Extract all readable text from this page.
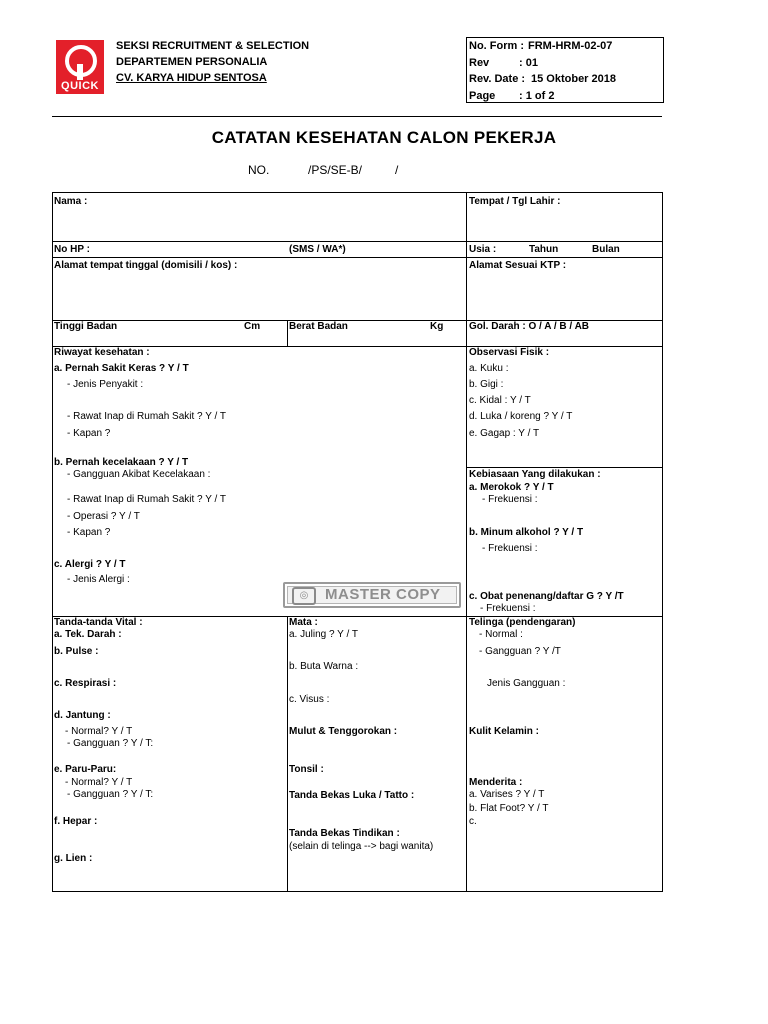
QUICK
SEKSI RECRUITMENT & SELECTION
DEPARTEMEN PERSONALIA
CV. KARYA HIDUP SENTOSA
No. Form : FRM-HRM-02-07
Rev	: 01
Rev. Date : 15 Oktober 2018
Page : 1 of 2
CATATAN KESEHATAN CALON PEKERJA
NO.	/PS/SE-B/	/
Nama :	Tempat / Tgl Lahir :
No HP :	(SMS / WA*)	Usia :	Tahun	Bulan
Alamat tempat tinggal (domisili / kos) :	Alamat Sesuai KTP :
Tinggi Badan	Cm	Berat Badan	Kg	Gol. Darah : O / A / B / AB
Riwayat kesehatan :
a. Pernah Sakit Keras ? Y / T
- Jenis Penyakit :
- Rawat Inap di Rumah Sakit ? Y / T
- Kapan ?
b. Pernah kecelakaan ? Y / T
- Gangguan Akibat Kecelakaan :
- Rawat Inap di Rumah Sakit ? Y / T
- Operasi ? Y / T
- Kapan ?
c. Alergi ? Y / T
- Jenis Alergi :
Observasi Fisik :
a. Kuku :
b. Gigi :
c. Kidal : Y / T
d. Luka / koreng ? Y / T
e. Gagap : Y / T
Kebiasaan Yang dilakukan :
a. Merokok ? Y / T
- Frekuensi :
b. Minum alkohol ? Y / T
- Frekuensi :
c. Obat penenang/daftar G ? Y /T
- Frekuensi :
◎	MASTER COPY
Tanda-tanda Vital :
a. Tek. Darah :
b. Pulse :
c. Respirasi :
d. Jantung :
- Normal? Y / T
- Gangguan ? Y / T:
e. Paru-Paru:
- Normal? Y / T
- Gangguan ? Y / T:
f. Hepar :
g. Lien :
Mata :
a. Juling ? Y / T
b. Buta Warna :
c. Visus :
Mulut & Tenggorokan :
Tonsil :
Tanda Bekas Luka / Tatto :
Tanda Bekas Tindikan :
(selain di telinga --> bagi wanita)
Telinga (pendengaran)
- Normal :
- Gangguan ? Y /T
Jenis Gangguan :
Kulit Kelamin :
Menderita :
a. Varises ? Y / T
b. Flat Foot? Y / T
c.
